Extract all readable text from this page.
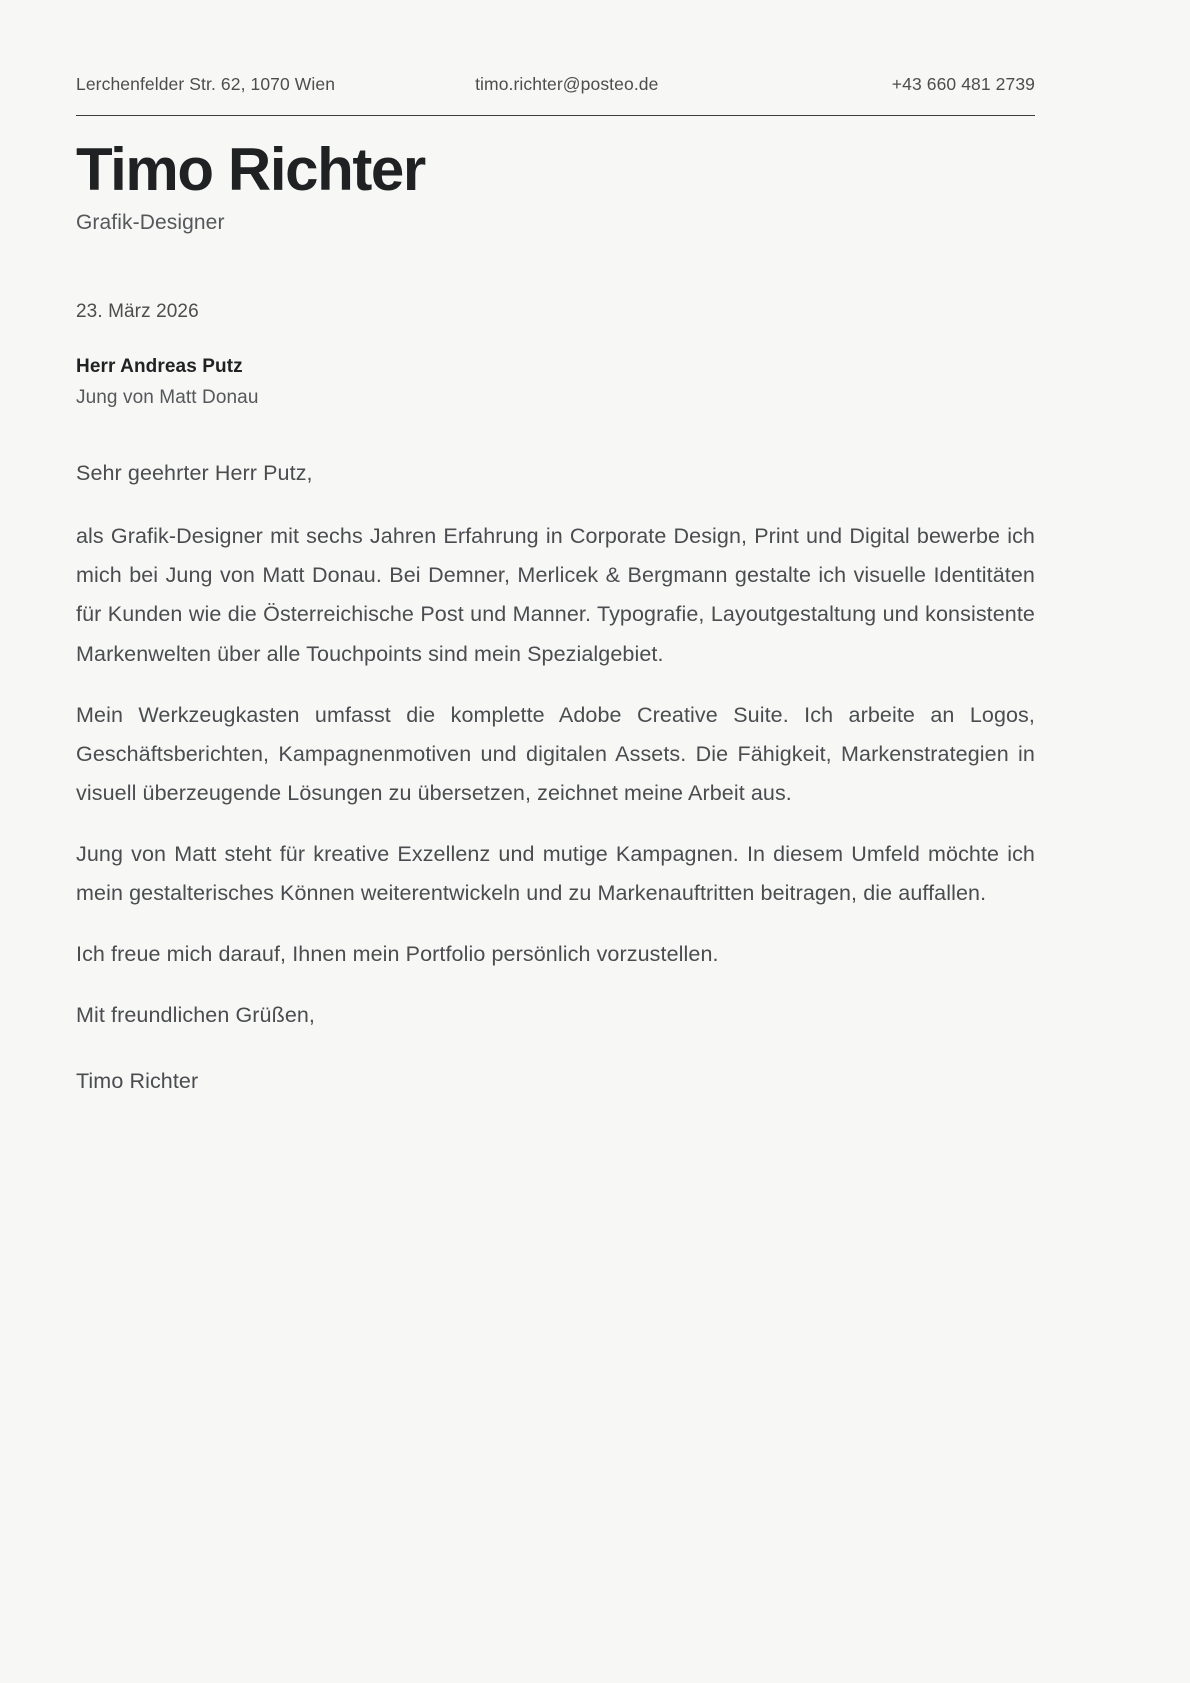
Lerchenfelder Str. 62, 1070 Wien	timo.richter@posteo.de	+43 660 481 2739
Timo Richter

Grafik-Designer

23. März 2026

Herr Andreas Putz

Jung von Matt Donau

Sehr geehrter Herr Putz,

als Grafik-Designer mit sechs Jahren Erfahrung in Corporate Design, Print und Digital bewerbe ich mich bei Jung von Matt Donau. Bei Demner, Merlicek & Bergmann gestalte ich visuelle Identitäten für Kunden wie die Österreichische Post und Manner. Typografie, Layoutgestaltung und konsistente Markenwelten über alle Touchpoints sind mein Spezialgebiet.

Mein Werkzeugkasten umfasst die komplette Adobe Creative Suite. Ich arbeite an Logos, Geschäftsberichten, Kampagnenmotiven und digitalen Assets. Die Fähigkeit, Markenstrategien in visuell überzeugende Lösungen zu übersetzen, zeichnet meine Arbeit aus.

Jung von Matt steht für kreative Exzellenz und mutige Kampagnen. In diesem Umfeld möchte ich mein gestalterisches Können weiterentwickeln und zu Markenauftritten beitragen, die auffallen.

Ich freue mich darauf, Ihnen mein Portfolio persönlich vorzustellen.

Mit freundlichen Grüßen,

Timo Richter
